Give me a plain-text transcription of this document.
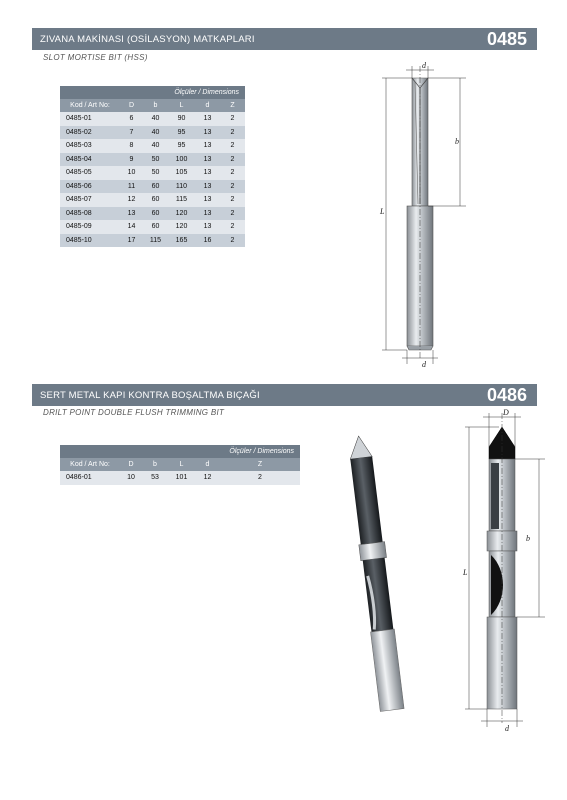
ZIVANA MAKİNASI (OSİLASYON) MATKAPLARI	0485
SLOT MORTISE BIT (HSS)
Ölçüler / Dimensions					
Kod / Art No:	D	b	L	d	Z
0485-01	6	40	90	13	2
0485-02	7	40	95	13	2
0485-03	8	40	95	13	2
0485-04	9	50	100	13	2
0485-05	10	50	105	13	2
0485-06	11	60	110	13	2
0485-07	12	60	115	13	2
0485-08	13	60	120	13	2
0485-09	14	60	120	13	2
0485-10	17	115	165	16	2
d
b
L
d
SERT METAL KAPI KONTRA BOŞALTMA BIÇAĞI	0486
DRILT POINT DOUBLE FLUSH TRIMMING BIT
Ölçüler / Dimensions					
Kod / Art No:	D	b	L	d	Z
0486-01	10	53	101	12	2
D
b
L
d
